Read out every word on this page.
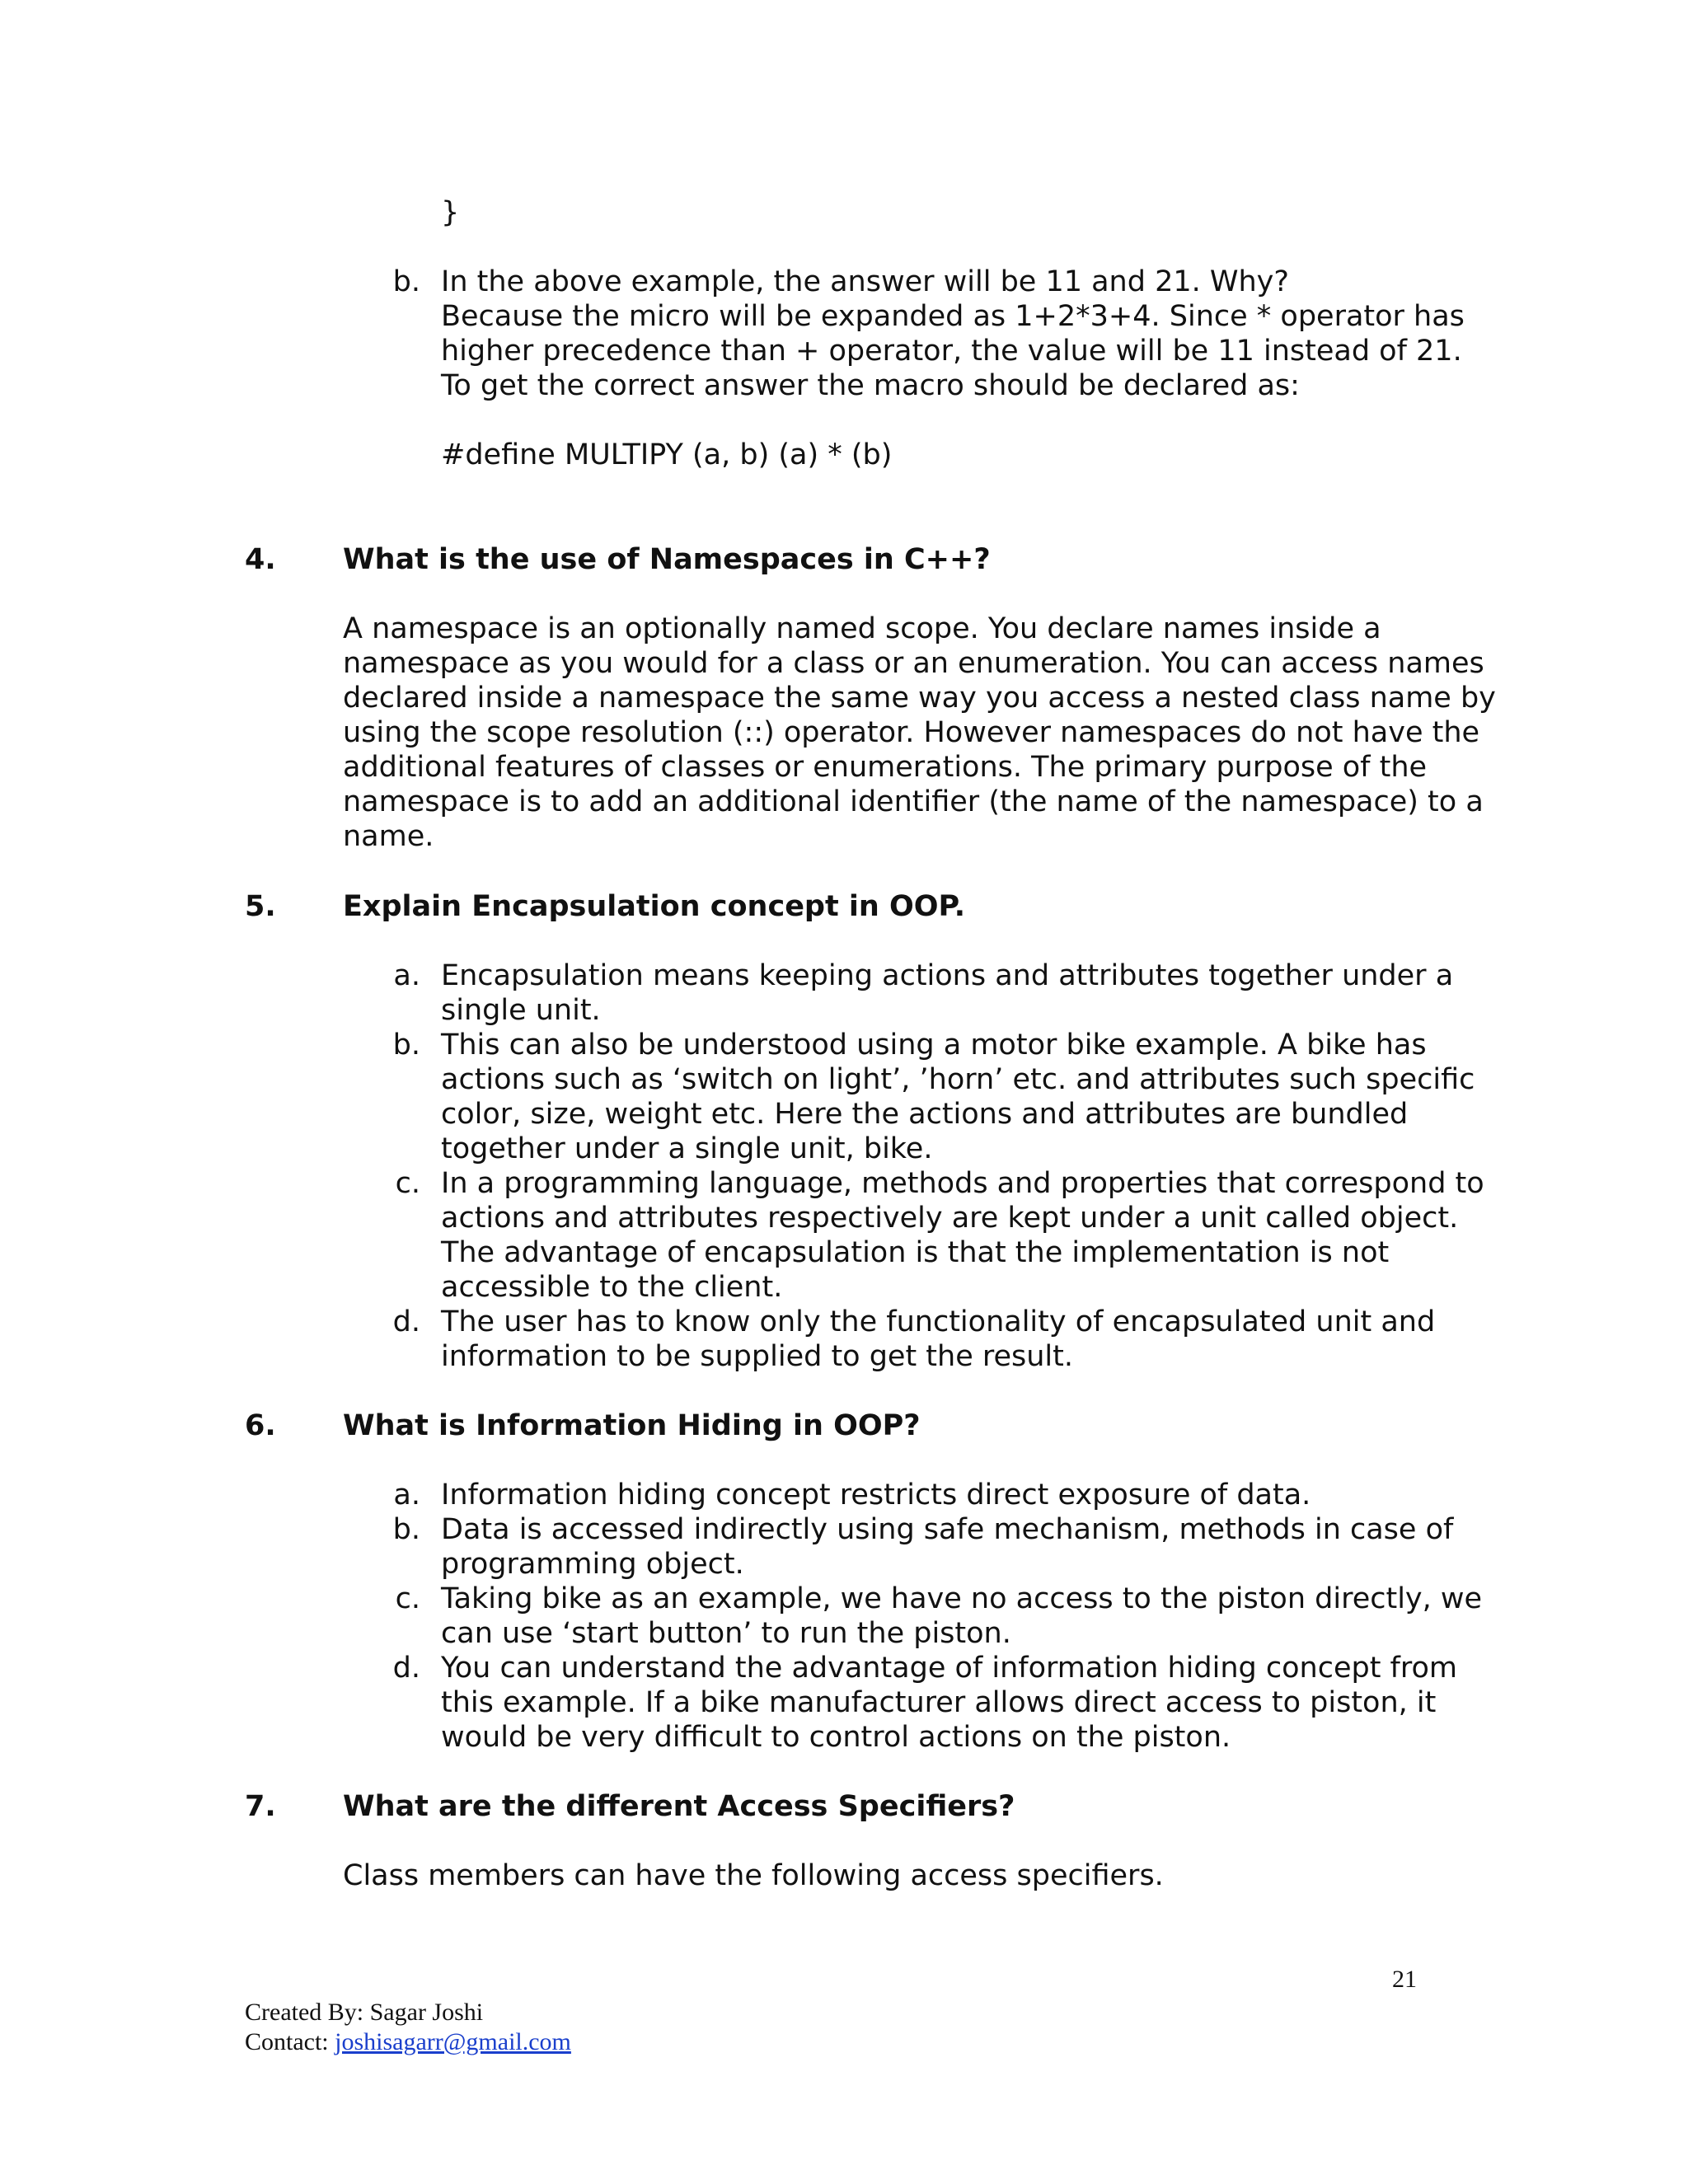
}
b. In the above example, the answer will be 11 and 21. Why?
Because the micro will be expanded as 1+2*3+4. Since * operator has
higher precedence than + operator, the value will be 11 instead of 21.
To get the correct answer the macro should be declared as:
#define MULTIPY (a, b) (a) * (b)
4. What is the use of Namespaces in C++?
A namespace is an optionally named scope. You declare names inside a
namespace as you would for a class or an enumeration. You can access names
declared inside a namespace the same way you access a nested class name by
using the scope resolution (::) operator. However namespaces do not have the
additional features of classes or enumerations. The primary purpose of the
namespace is to add an additional identifier (the name of the namespace) to a
name.
5. Explain Encapsulation concept in OOP.
a. Encapsulation means keeping actions and attributes together under a
single unit.
b. This can also be understood using a motor bike example. A bike has
actions such as ‘switch on light’, ’horn’ etc. and attributes such specific
color, size, weight etc. Here the actions and attributes are bundled
together under a single unit, bike.
c. In a programming language, methods and properties that correspond to
actions and attributes respectively are kept under a unit called object.
The advantage of encapsulation is that the implementation is not
accessible to the client.
d. The user has to know only the functionality of encapsulated unit and
information to be supplied to get the result.
6. What is Information Hiding in OOP?
a. Information hiding concept restricts direct exposure of data.
b. Data is accessed indirectly using safe mechanism, methods in case of
programming object.
c. Taking bike as an example, we have no access to the piston directly, we
can use ‘start button’ to run the piston.
d. You can understand the advantage of information hiding concept from
this example. If a bike manufacturer allows direct access to piston, it
would be very difficult to control actions on the piston.
7. What are the different Access Specifiers?
Class members can have the following access specifiers.
21
Created By: Sagar Joshi
Contact: joshisagarr@gmail.com
